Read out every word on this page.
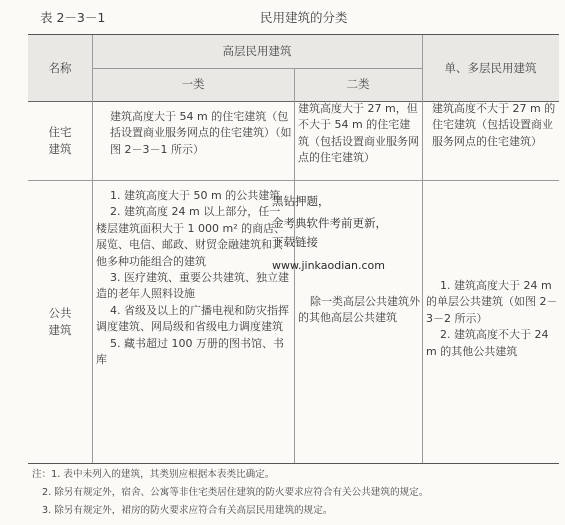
表 2－3－1	民用建筑的分类
名称
高层民用建筑
一类	二类
单、多层民用建筑
住宅
建筑

建筑高度大于 54 m 的住宅建筑（包括设置商业服务网点的住宅建筑）（如图 2－3－1 所示）

建筑高度大于 27 m，但不大于 54 m 的住宅建筑（包括设置商业服务网点的住宅建筑）

建筑高度不大于 27 m 的住宅建筑（包括设置商业服务网点的住宅建筑）

公共
建筑

1. 建筑高度大于 50 m 的公共建筑

2. 建筑高度 24 m 以上部分，任一楼层建筑面积大于 1 000 m² 的商店、展览、电信、邮政、财贸金融建筑和其他多种功能组合的建筑

3. 医疗建筑、重要公共建筑、独立建造的老年人照料设施

4. 省级及以上的广播电视和防灾指挥调度建筑、网局级和省级电力调度建筑

5. 藏书超过 100 万册的图书馆、书库

黑钻押题，
金考典软件考前更新，
下载链接
www.jinkaodian.com

除一类高层公共建筑外的其他高层公共建筑

1. 建筑高度大于 24 m 的单层公共建筑（如图 2－3－2 所示）

2. 建筑高度不大于 24 m 的其他公共建筑

注：1. 表中未列入的建筑，其类别应根据本表类比确定。
2. 除另有规定外，宿舍、公寓等非住宅类居住建筑的防火要求应符合有关公共建筑的规定。
3. 除另有规定外，裙房的防火要求应符合有关高层民用建筑的规定。
